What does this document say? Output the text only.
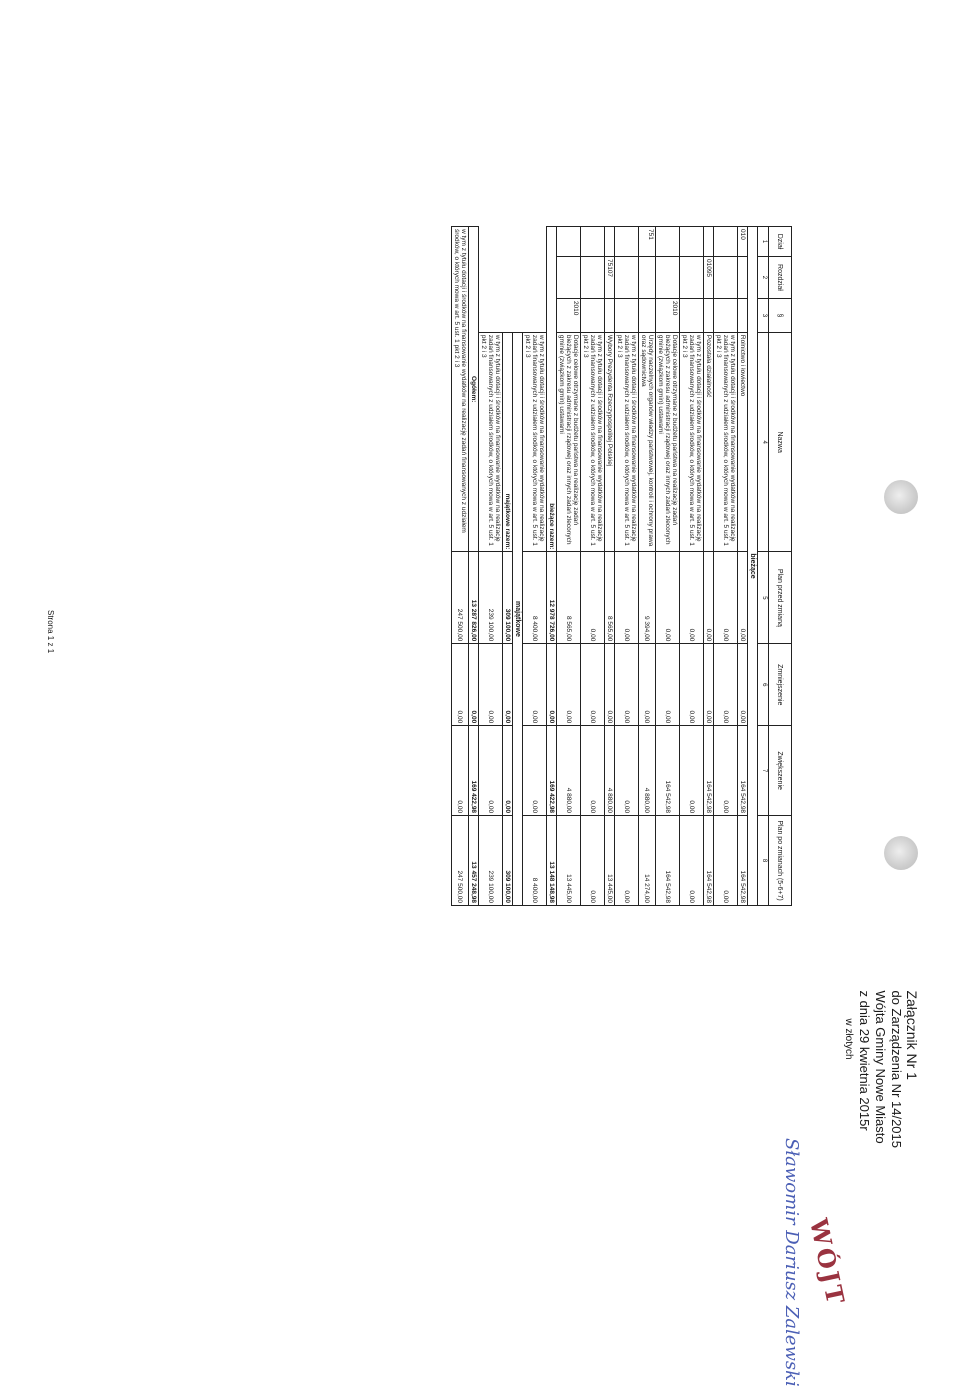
Załącznik Nr 1
do Zarządzenia Nr 14/2015
Wójta Gminy Nowe Miasto
z dnia 29 kwietnia 2015r
w złotych
WÓJT
Sławomir Dariusz Zalewski
Dział	Rozdział	§	Nazwa	Plan przed zmianą	Zmniejszenie	Zwiększenie	Plan po zmianach (5-6+7)
1	2	3	4	5	6	7	8
bieżące							
010			Rolnictwo i łowiectwo	0,00	0,00	164 542,98	164 542,98
			w tym z tytułu dotacji i środków na finansowanie wydatków na realizację zadań finansowanych z udziałem środków, o których mowa w art. 5 ust. 1 pkt 2 i 3	0,00	0,00	0,00	0,00
	01095		Pozostała działalność	0,00	0,00	164 542,98	164 542,98
			w tym z tytułu dotacji i środków na finansowanie wydatków na realizację zadań finansowanych z udziałem środków, o których mowa w art. 5 ust. 1 pkt 2 i 3	0,00	0,00	0,00	0,00
		2010	Dotacje celowe otrzymane z budżetu państwa na realizację zadań bieżących z zakresu administracji rządowej oraz innych zadań zleconych gminie (związkom gmin) ustawami	0,00	0,00	164 542,98	164 542,98
751			Urzędy naczelnych organów władzy państwowej, kontroli i ochrony prawa oraz sądownictwa	9 394,00	0,00	4 880,00	14 274,00
			w tym z tytułu dotacji i środków na finansowanie wydatków na realizację zadań finansowanych z udziałem środków, o których mowa w art. 5 ust. 1 pkt 2 i 3	0,00	0,00	0,00	0,00
	75107		Wybory Prezydenta Rzeczypospolitej Polskiej	8 565,00	0,00	4 880,00	13 445,00
			w tym z tytułu dotacji i środków na finansowanie wydatków na realizację zadań finansowanych z udziałem środków, o których mowa w art. 5 ust. 1 pkt 2 i 3	0,00	0,00	0,00	0,00
		2010	Dotacje celowe otrzymane z budżetu państwa na realizację zadań bieżących z zakresu administracji rządowej oraz innych zadań zleconych gminie (związkom gmin) ustawami	8 565,00	0,00	4 880,00	13 445,00
bieżące razem:				12 978 726,00	0,00	169 422,98	13 148 148,98
			w tym z tytułu dotacji i środków na finansowanie wydatków na realizację zadań finansowanych z udziałem środków, o których mowa w art. 5 ust. 1 pkt 2 i 3	8 400,00	0,00	0,00	8 400,00
			majątkowe				
			majątkowe razem:	309 100,00	0,00	0,00	309 100,00
			w tym z tytułu dotacji i środków na finansowanie wydatków na realizację zadań finansowanych z udziałem środków, o których mowa w art. 5 ust. 1 pkt 2 i 3	239 100,00	0,00	0,00	239 100,00
Ogółem:				13 287 826,00	0,00	169 422,98	13 457 248,98
w tym z tytułu dotacji i środków na finansowanie wydatków na realizację zadań finansowanych z udziałem środków, o których mowa w art. 5 ust. 1 pkt 2 i 3				247 500,00	0,00	0,00	247 500,00
Strona 1 z 1
